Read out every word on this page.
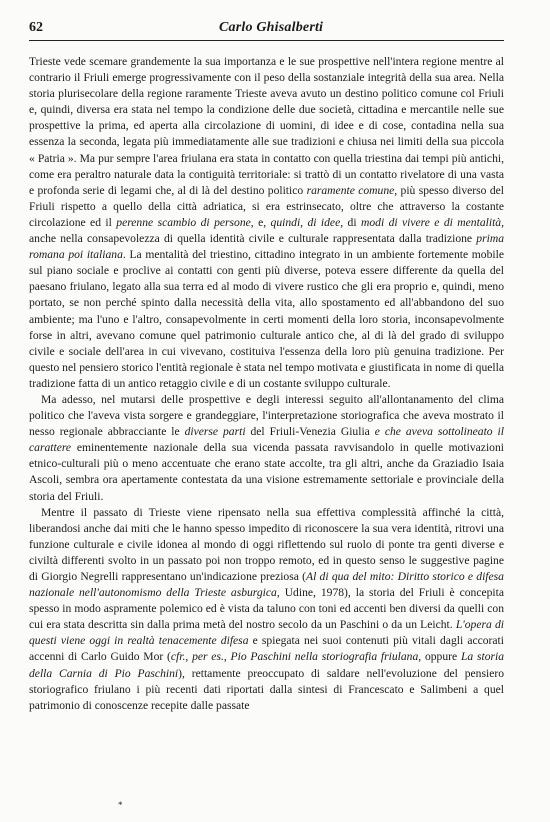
62	Carlo Ghisalberti

Trieste vede scemare grandemente la sua importanza e le sue prospettive nell'intera regione mentre al contrario il Friuli emerge progressivamente con il peso della sostanziale integrità della sua area. Nella storia plurisecolare della regione raramente Trieste aveva avuto un destino politico comune col Friuli e, quindi, diversa era stata nel tempo la condizione delle due società, cittadina e mercantile nelle sue prospettive la prima, ed aperta alla circolazione di uomini, di idee e di cose, contadina nella sua essenza la seconda, legata più immediatamente alle sue tradizioni e chiusa nei limiti della sua piccola « Patria ». Ma pur sempre l'area friulana era stata in contatto con quella triestina dai tempi più antichi, come era peraltro naturale data la contiguità territoriale: si trattò di un contatto rivelatore di una vasta e profonda serie di legami che, al di là del destino politico raramente comune, più spesso diverso del Friuli rispetto a quello della città adriatica, si era estrinsecato, oltre che attraverso la costante circolazione ed il perenne scambio di persone, e, quindi, di idee, di modi di vivere e di mentalità, anche nella consapevolezza di quella identità civile e culturale rappresentata dalla tradizione prima romana poi italiana. La mentalità del triestino, cittadino integrato in un ambiente fortemente mobile sul piano sociale e proclive ai contatti con genti più diverse, poteva essere differente da quella del paesano friulano, legato alla sua terra ed al modo di vivere rustico che gli era proprio e, quindi, meno portato, se non perché spinto dalla necessità della vita, allo spostamento ed all'abbandono del suo ambiente; ma l'uno e l'altro, consapevolmente in certi momenti della loro storia, inconsapevolmente forse in altri, avevano comune quel patrimonio culturale antico che, al di là del grado di sviluppo civile e sociale dell'area in cui vivevano, costituiva l'essenza della loro più genuina tradizione. Per questo nel pensiero storico l'entità regionale è stata nel tempo motivata e giustificata in nome di quella tradizione fatta di un antico retaggio civile e di un costante sviluppo culturale.

Ma adesso, nel mutarsi delle prospettive e degli interessi seguito all'allontanamento del clima politico che l'aveva vista sorgere e grandeggiare, l'interpretazione storiografica che aveva mostrato il nesso regionale abbracciante le diverse parti del Friuli-Venezia Giulia e che aveva sottolineato il carattere eminentemente nazionale della sua vicenda passata ravvisandolo in quelle motivazioni etnico-culturali più o meno accentuate che erano state accolte, tra gli altri, anche da Graziadio Isaia Ascoli, sembra ora apertamente contestata da una visione estremamente settoriale e provinciale della storia del Friuli.

Mentre il passato di Trieste viene ripensato nella sua effettiva complessità affinché la città, liberandosi anche dai miti che le hanno spesso impedito di riconoscere la sua vera identità, ritrovi una funzione culturale e civile idonea al mondo di oggi riflettendo sul ruolo di ponte tra genti diverse e civiltà differenti svolto in un passato poi non troppo remoto, ed in questo senso le suggestive pagine di Giorgio Negrelli rappresentano un'indicazione preziosa (Al di qua del mito: Diritto storico e difesa nazionale nell'autonomismo della Trieste asburgica, Udine, 1978), la storia del Friuli è concepita spesso in modo aspramente polemico ed è vista da taluno con toni ed accenti ben diversi da quelli con cui era stata descritta sin dalla prima metà del nostro secolo da un Paschini o da un Leicht. L'opera di questi viene oggi in realtà tenacemente difesa e spiegata nei suoi contenuti più vitali dagli accorati accenni di Carlo Guido Mor (cfr., per es., Pio Paschini nella storiografia friulana, oppure La storia della Carnia di Pio Paschini), rettamente preoccupato di saldare nell'evoluzione del pensiero storiografico friulano i più recenti dati riportati dalla sintesi di Francescato e Salimbeni a quel patrimonio di conoscenze recepite dalle passate

*
